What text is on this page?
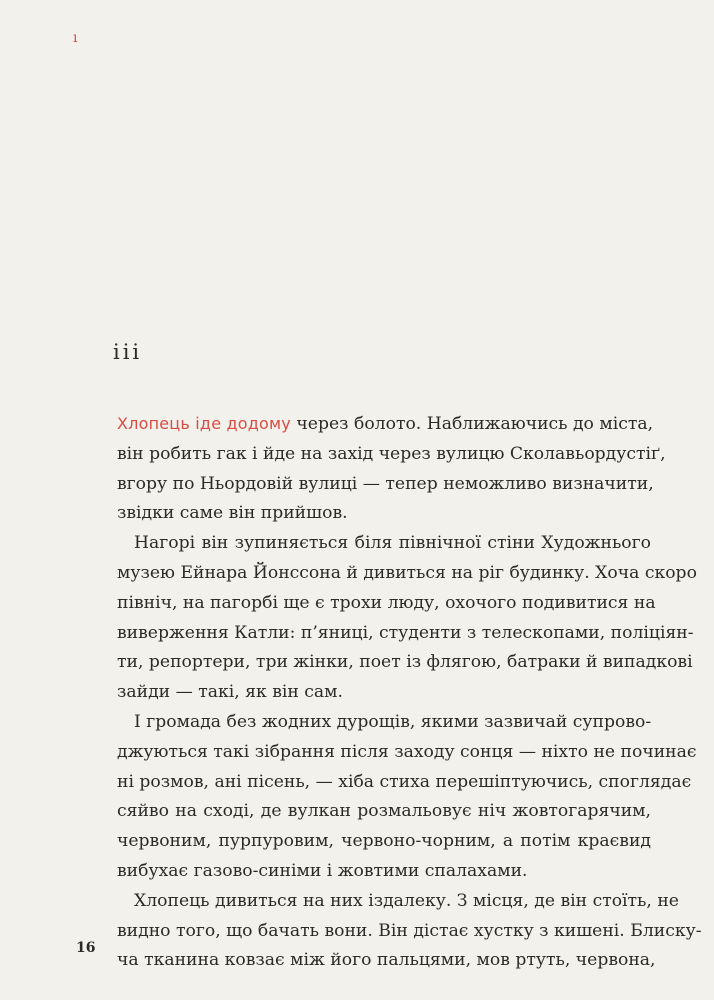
ı
iii
Хлопець іде додому через болото. Наближаючись до міста,
він робить гак і йде на захід через вулицю Сколавьордустіґ,
вгору по Ньордовій вулиці — тепер неможливо визначити,
звідки саме він прийшов.
Нагорі він зупиняється біля північної стіни Художнього
музею Ейнара Йонссона й дивиться на ріг будинку. Хоча скоро
північ, на пагорбі ще є трохи люду, охочого подивитися на
виверження Катли: п’яниці, студенти з телескопами, поліціян-
ти, репортери, три жінки, поет із флягою, батраки й випадкові
зайди — такі, як він сам.
І громада без жодних дурощів, якими зазвичай супрово-
джуються такі зібрання після заходу сонця — ніхто не починає
ні розмов, ані пісень, — хіба стиха перешіптуючись, споглядає
сяйво на сході, де вулкан розмальовує ніч жовтогарячим,
червоним, пурпуровим, червоно-чорним, а потім краєвид
вибухає газово-синіми і жовтими спалахами.
Хлопець дивиться на них іздалеку. З місця, де він стоїть, не
видно того, що бачать вони. Він дістає хустку з кишені. Блиску-
ча тканина ковзає між його пальцями, мов ртуть, червона,
16
